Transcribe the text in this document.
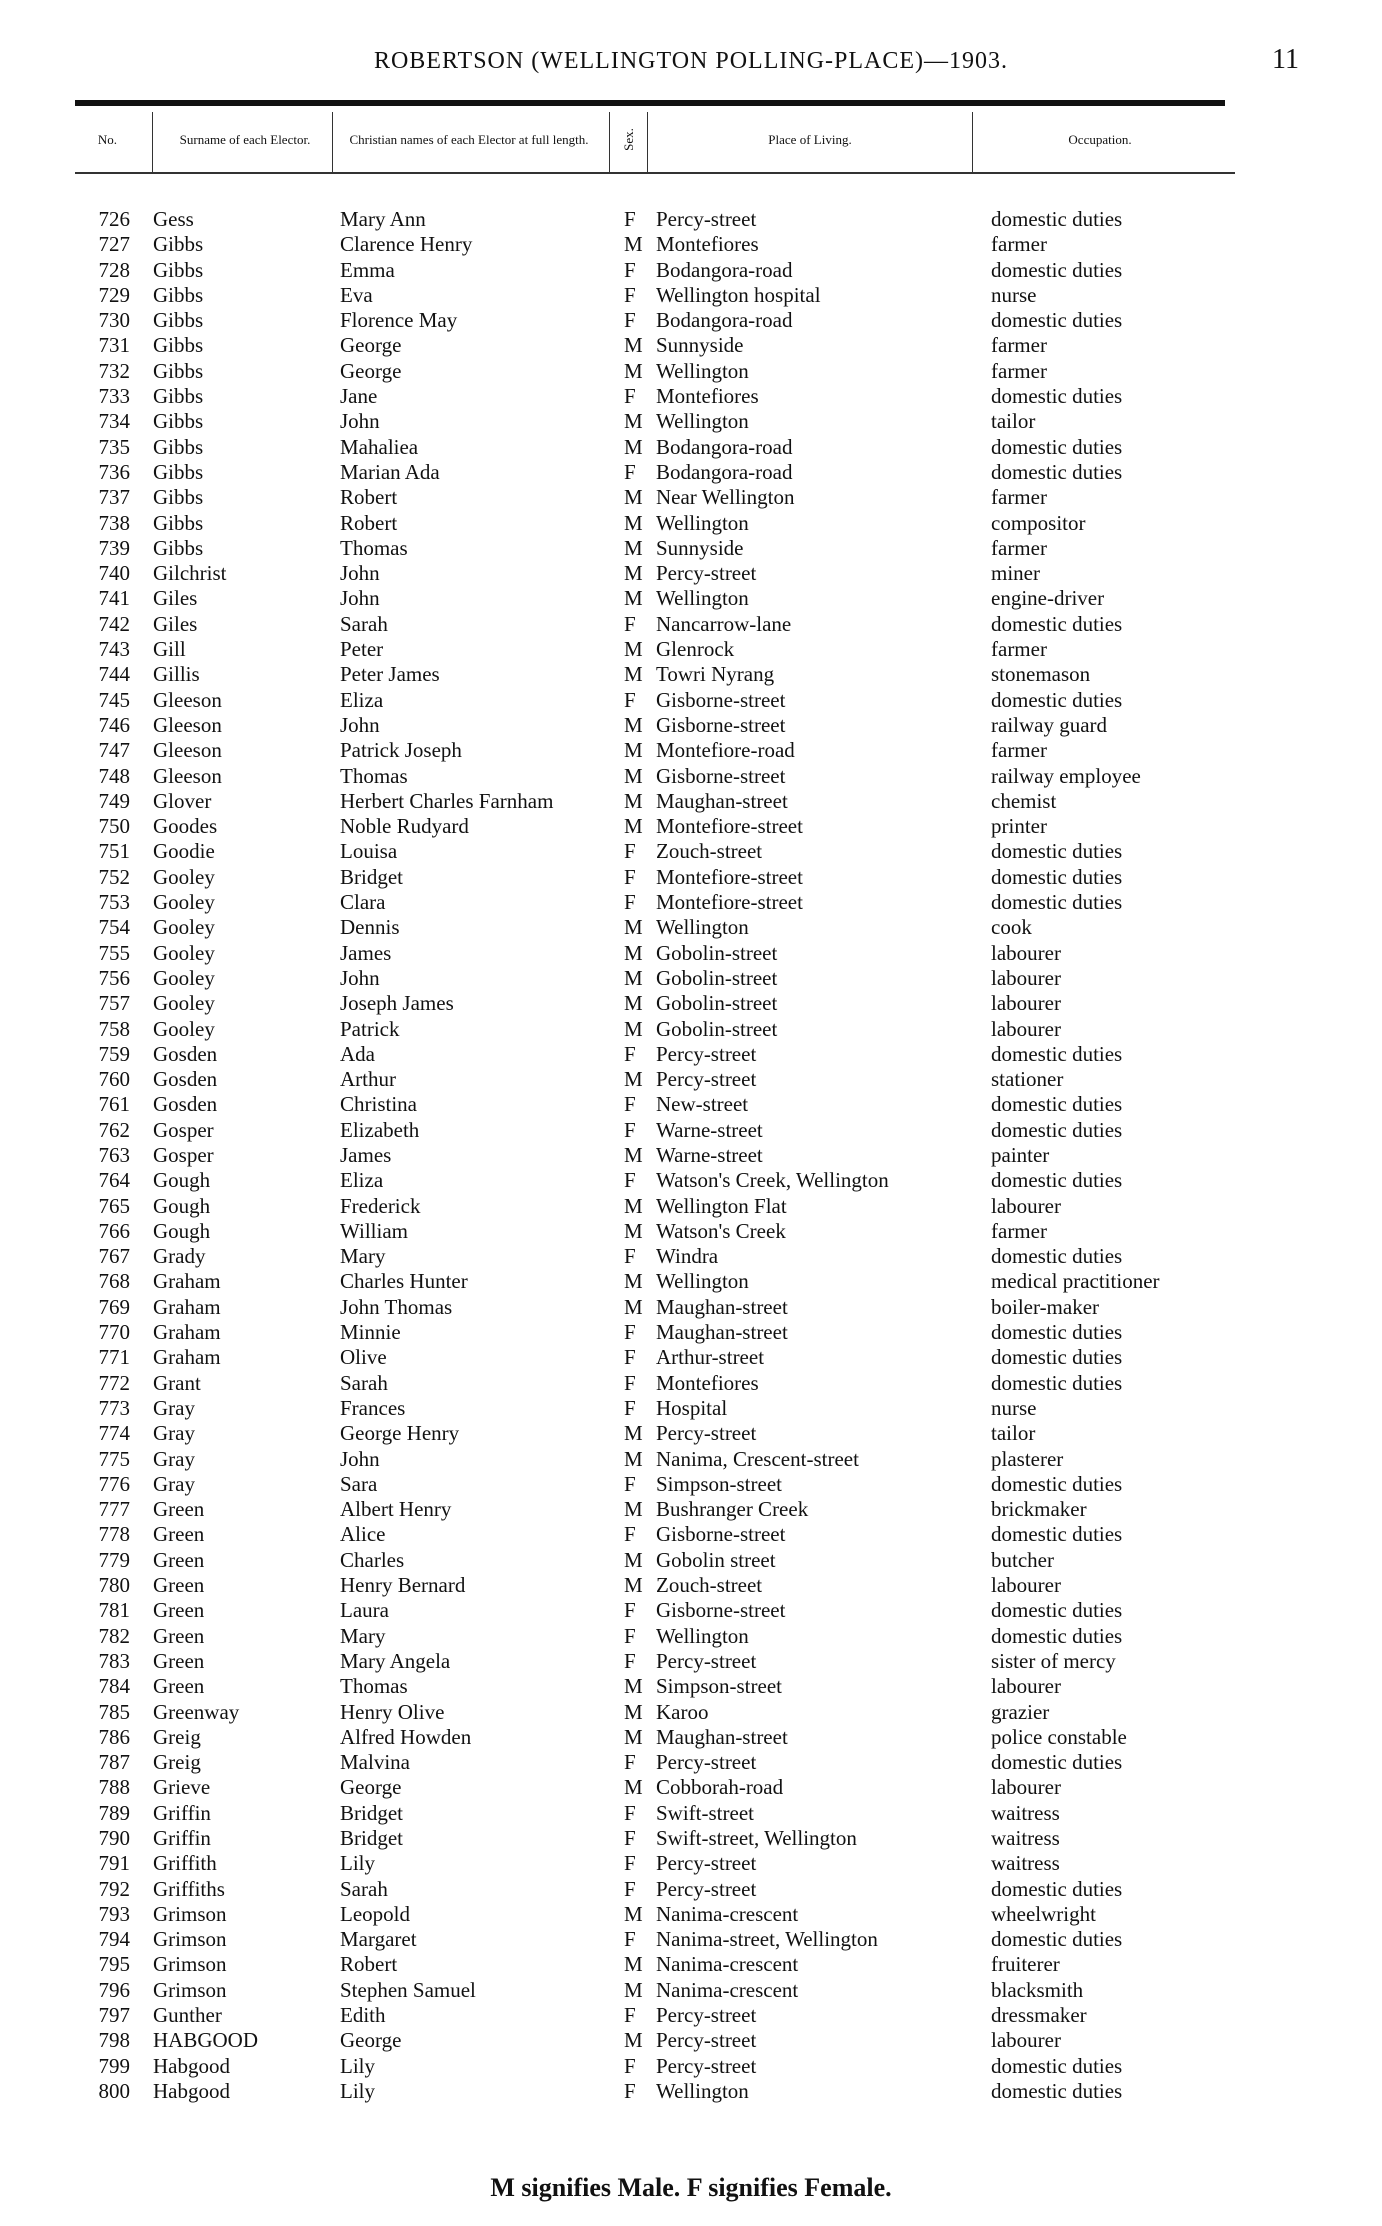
ROBERTSON (WELLINGTON POLLING-PLACE)—1903.	11
No.	Surname of each Elector.	Christian names of each Elector at full length.	Sex.	Place of Living.	Occupation.
726 Gess	Mary Ann	F Percy-street	domestic duties
727 Gibbs	Clarence Henry	M Montefiores	farmer
728 Gibbs	Emma	F Bodangora-road	domestic duties
729 Gibbs	Eva	F Wellington hospital	nurse
730 Gibbs	Florence May	F Bodangora-road	domestic duties
731 Gibbs	George	M Sunnyside	farmer
732 Gibbs	George	M Wellington	farmer
733 Gibbs	Jane	F Montefiores	domestic duties
734 Gibbs	John	M Wellington	tailor
735 Gibbs	Mahaliea	M Bodangora-road	domestic duties
736 Gibbs	Marian Ada	F Bodangora-road	domestic duties
737 Gibbs	Robert	M Near Wellington	farmer
738 Gibbs	Robert	M Wellington	compositor
739 Gibbs	Thomas	M Sunnyside	farmer
740 Gilchrist	John	M Percy-street	miner
741 Giles	John	M Wellington	engine-driver
742 Giles	Sarah	F Nancarrow-lane	domestic duties
743 Gill	Peter	M Glenrock	farmer
744 Gillis	Peter James	M Towri Nyrang	stonemason
745 Gleeson	Eliza	F Gisborne-street	domestic duties
746 Gleeson	John	M Gisborne-street	railway guard
747 Gleeson	Patrick Joseph	M Montefiore-road	farmer
748 Gleeson	Thomas	M Gisborne-street	railway employee
749 Glover	Herbert Charles Farnham	M Maughan-street	chemist
750 Goodes	Noble Rudyard	M Montefiore-street	printer
751 Goodie	Louisa	F Zouch-street	domestic duties
752 Gooley	Bridget	F Montefiore-street	domestic duties
753 Gooley	Clara	F Montefiore-street	domestic duties
754 Gooley	Dennis	M Wellington	cook
755 Gooley	James	M Gobolin-street	labourer
756 Gooley	John	M Gobolin-street	labourer
757 Gooley	Joseph James	M Gobolin-street	labourer
758 Gooley	Patrick	M Gobolin-street	labourer
759 Gosden	Ada	F Percy-street	domestic duties
760 Gosden	Arthur	M Percy-street	stationer
761 Gosden	Christina	F New-street	domestic duties
762 Gosper	Elizabeth	F Warne-street	domestic duties
763 Gosper	James	M Warne-street	painter
764 Gough	Eliza	F Watson's Creek, Wellington	domestic duties
765 Gough	Frederick	M Wellington Flat	labourer
766 Gough	William	M Watson's Creek	farmer
767 Grady	Mary	F Windra	domestic duties
768 Graham	Charles Hunter	M Wellington	medical practitioner
769 Graham	John Thomas	M Maughan-street	boiler-maker
770 Graham	Minnie	F Maughan-street	domestic duties
771 Graham	Olive	F Arthur-street	domestic duties
772 Grant	Sarah	F Montefiores	domestic duties
773 Gray	Frances	F Hospital	nurse
774 Gray	George Henry	M Percy-street	tailor
775 Gray	John	M Nanima, Crescent-street	plasterer
776 Gray	Sara	F Simpson-street	domestic duties
777 Green	Albert Henry	M Bushranger Creek	brickmaker
778 Green	Alice	F Gisborne-street	domestic duties
779 Green	Charles	M Gobolin street	butcher
780 Green	Henry Bernard	M Zouch-street	labourer
781 Green	Laura	F Gisborne-street	domestic duties
782 Green	Mary	F Wellington	domestic duties
783 Green	Mary Angela	F Percy-street	sister of mercy
784 Green	Thomas	M Simpson-street	labourer
785 Greenway	Henry Olive	M Karoo	grazier
786 Greig	Alfred Howden	M Maughan-street	police constable
787 Greig	Malvina	F Percy-street	domestic duties
788 Grieve	George	M Cobborah-road	labourer
789 Griffin	Bridget	F Swift-street	waitress
790 Griffin	Bridget	F Swift-street, Wellington	waitress
791 Griffith	Lily	F Percy-street	waitress
792 Griffiths	Sarah	F Percy-street	domestic duties
793 Grimson	Leopold	M Nanima-crescent	wheelwright
794 Grimson	Margaret	F Nanima-street, Wellington	domestic duties
795 Grimson	Robert	M Nanima-crescent	fruiterer
796 Grimson	Stephen Samuel	M Nanima-crescent	blacksmith
797 Gunther	Edith	F Percy-street	dressmaker
798 HABGOOD	George	M Percy-street	labourer
799 Habgood	Lily	F Percy-street	domestic duties
800 Habgood	Lily	F Wellington	domestic duties
M signifies Male. F signifies Female.
